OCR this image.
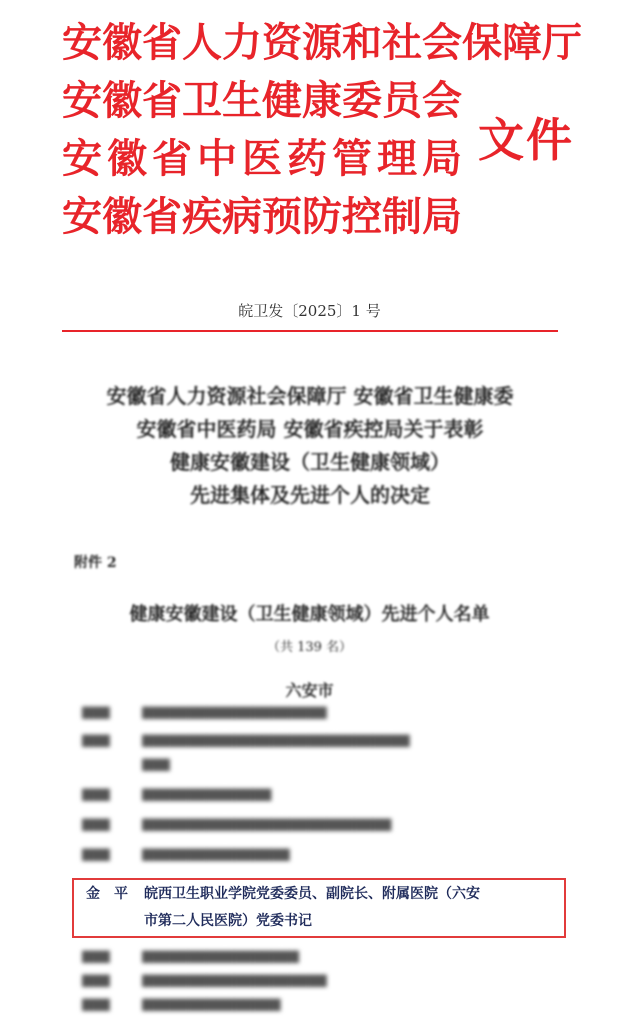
安 徽 省 人 力 资 源 和 社 会 保 障 厅
安 徽 省 卫 生 健 康 委 员 会
安 徽 省 中 医 药 管 理 局
安 徽 省 疾 病 预 防 控 制 局
文件
皖卫发〔2025〕1 号
安徽省人力资源社会保障厅 安徽省卫生健康委
安徽省中医药局 安徽省疾控局关于表彰
健康安徽建设（卫生健康领域）
先进集体及先进个人的决定
附件 2
健康安徽建设（卫生健康领域）先进个人名单
（共 139 名）
六安市
▇▇▇	▇▇▇▇▇▇▇▇▇▇▇▇▇▇▇▇▇▇▇▇
▇▇▇	▇▇▇▇▇▇▇▇▇▇▇▇▇▇▇▇▇▇▇▇▇▇▇▇▇▇▇▇▇
▇▇▇
▇▇▇	▇▇▇▇▇▇▇▇▇▇▇▇▇▇
▇▇▇	▇▇▇▇▇▇▇▇▇▇▇▇▇▇▇▇▇▇▇▇▇▇▇▇▇▇▇
▇▇▇	▇▇▇▇▇▇▇▇▇▇▇▇▇▇▇▇
金平 皖西卫生职业学院党委委员、副院长、附属医院（六安
市第二人民医院）党委书记
▇▇▇	▇▇▇▇▇▇▇▇▇▇▇▇▇▇▇▇▇
▇▇▇	▇▇▇▇▇▇▇▇▇▇▇▇▇▇▇▇▇▇▇▇
▇▇▇	▇▇▇▇▇▇▇▇▇▇▇▇▇▇▇
